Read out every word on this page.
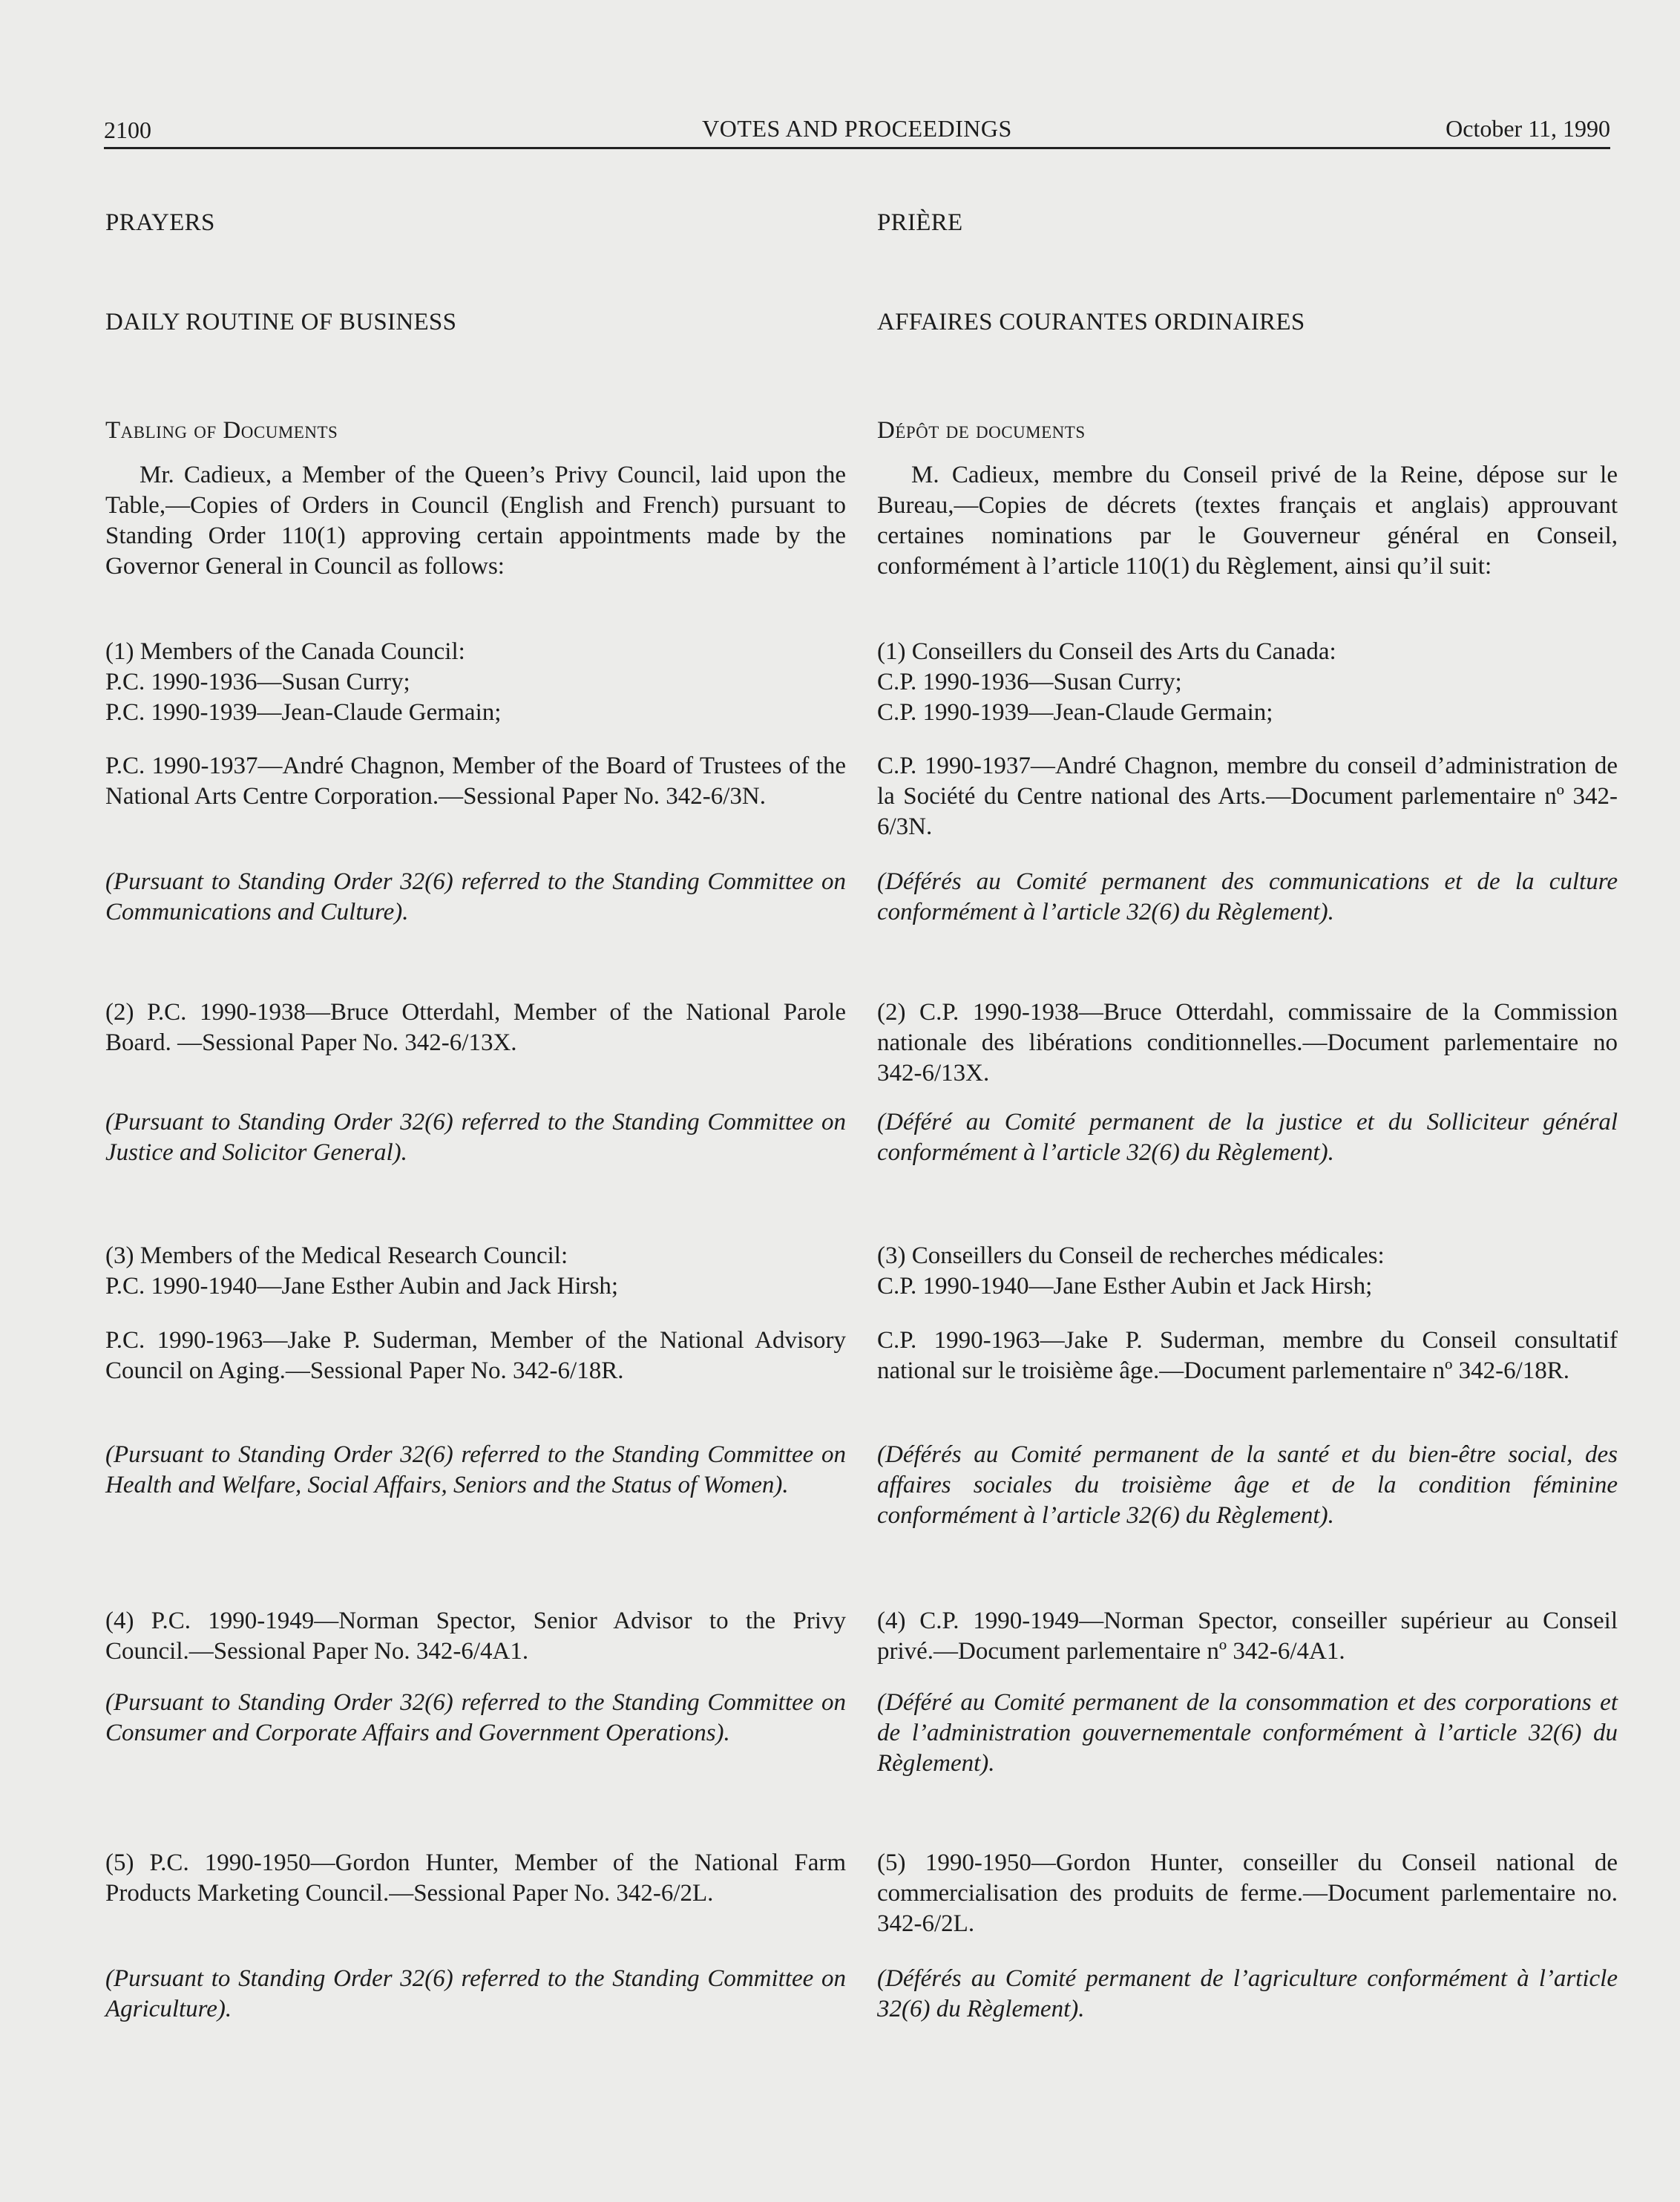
2100	VOTES AND PROCEEDINGS	October 11, 1990
PRAYERS
DAILY ROUTINE OF BUSINESS
Tabling of Documents

Mr. Cadieux, a Member of the Queen’s Privy Council, laid upon the Table,—Copies of Orders in Council (English and French) pursuant to Standing Order 110(1) approving certain appointments made by the Governor General in Council as follows:

(1) Members of the Canada Council:
P.C. 1990-1936—Susan Curry;
P.C. 1990-1939—Jean-Claude Germain;

P.C. 1990-1937—André Chagnon, Member of the Board of Trustees of the National Arts Centre Corporation.—Sessional Paper No. 342-6/3N.

(Pursuant to Standing Order 32(6) referred to the Standing Committee on Communications and Culture).

(2) P.C. 1990-1938—Bruce Otterdahl, Member of the National Parole Board. —Sessional Paper No. 342-6/13X.

(Pursuant to Standing Order 32(6) referred to the Standing Committee on Justice and Solicitor General).

(3) Members of the Medical Research Council:
P.C. 1990-1940—Jane Esther Aubin and Jack Hirsh;

P.C. 1990-1963—Jake P. Suderman, Member of the National Advisory Council on Aging.—Sessional Paper No. 342-6/18R.

(Pursuant to Standing Order 32(6) referred to the Standing Committee on Health and Welfare, Social Affairs, Seniors and the Status of Women).

(4) P.C. 1990-1949—Norman Spector, Senior Advisor to the Privy Council.—Sessional Paper No. 342-6/4A1.

(Pursuant to Standing Order 32(6) referred to the Standing Committee on Consumer and Corporate Affairs and Government Operations).

(5) P.C. 1990-1950—Gordon Hunter, Member of the National Farm Products Marketing Council.—Sessional Paper No. 342-6/2L.

(Pursuant to Standing Order 32(6) referred to the Standing Committee on Agriculture).

PRIÈRE
AFFAIRES COURANTES ORDINAIRES
Dépôt de documents

M. Cadieux, membre du Conseil privé de la Reine, dépose sur le Bureau,—Copies de décrets (textes français et anglais) approuvant certaines nominations par le Gouverneur général en Conseil, conformément à l’article 110(1) du Règlement, ainsi qu’il suit:

(1) Conseillers du Conseil des Arts du Canada:
C.P. 1990-1936—Susan Curry;
C.P. 1990-1939—Jean-Claude Germain;

C.P. 1990-1937—André Chagnon, membre du conseil d’administration de la Société du Centre national des Arts.—Document parlementaire nº 342-6/3N.

(Déférés au Comité permanent des communications et de la culture conformément à l’article 32(6) du Règlement).

(2) C.P. 1990-1938—Bruce Otterdahl, commissaire de la Commission nationale des libérations conditionnelles.—Document parlementaire no 342-6/13X.

(Déféré au Comité permanent de la justice et du Solliciteur général conformément à l’article 32(6) du Règlement).

(3) Conseillers du Conseil de recherches médicales:
C.P. 1990-1940—Jane Esther Aubin et Jack Hirsh;

C.P. 1990-1963—Jake P. Suderman, membre du Conseil consultatif national sur le troisième âge.—Document parlementaire nº 342-6/18R.

(Déférés au Comité permanent de la santé et du bien-être social, des affaires sociales du troisième âge et de la condition féminine conformément à l’article 32(6) du Règlement).

(4) C.P. 1990-1949—Norman Spector, conseiller supérieur au Conseil privé.—Document parlementaire nº 342-6/4A1.

(Déféré au Comité permanent de la consommation et des corporations et de l’administration gouvernementale conformément à l’article 32(6) du Règlement).

(5) 1990-1950—Gordon Hunter, conseiller du Conseil national de commercialisation des produits de ferme.—Document parlementaire no. 342-6/2L.

(Déférés au Comité permanent de l’agriculture conformément à l’article 32(6) du Règlement).
